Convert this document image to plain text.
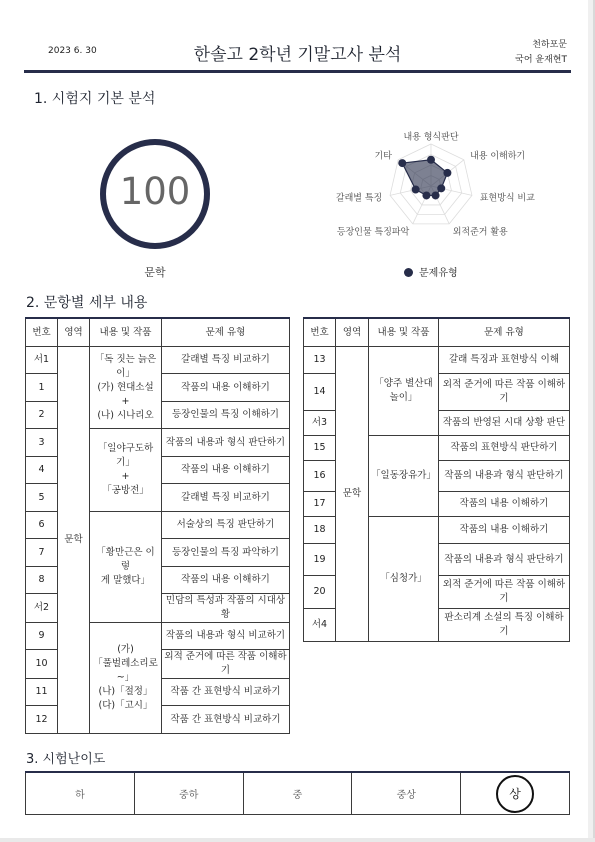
2023 6. 30	한솔고 2학년 기말고사 분석	천하포문
국어 윤재현T
1. 시험지 기본 분석
100
문학
내용 형식판단
내용 이해하기
표현방식 비교
외적준거 활용
등장인물 특징파악
갈래별 특징
기타
문제유형
2. 문항별 세부 내용
번호	영역	내용 및 작품	문제 유형
서1	문학	「독 짓는 늙은이」
(가) 현대소설 +
(나) 시나리오	갈래별 특징 비교하기
1			작품의 내용 이해하기
2			등장인물의 특징 이해하기
3		「일야구도하기」
+
「공방전」	작품의 내용과 형식 판단하기
4			작품의 내용 이해하기
5			갈래별 특징 비교하기
6		「황만근은 이렇
게 말했다」	서술상의 특징 판단하기
7			등장인물의 특징 파악하기
8			작품의 내용 이해하기
서2			민담의 특성과 작품의 시대상황
9		(가)
「풀벌레소리로~」
(나)「절정」
(다)「고시」	작품의 내용과 형식 비교하기
10			외적 준거에 따른 작품 이해하기
11			작품 간 표현방식 비교하기
12			작품 간 표현방식 비교하기
번호	영역	내용 및 작품	문제 유형
13	문학	「양주 별산대놀이」	갈래 특징과 표현방식 이해
14			외적 준거에 따른 작품 이해하기
서3			작품의 반영된 시대 상황 판단
15		「일동장유가」	작품의 표현방식 판단하기
16			작품의 내용과 형식 판단하기
17			작품의 내용 이해하기
18		「심청가」	작품의 내용 이해하기
19			작품의 내용과 형식 판단하기
20			외적 준거에 따른 작품 이해하기
서4			판소리계 소설의 특징 이해하기
3. 시험난이도
하	중하	중	중상	상
